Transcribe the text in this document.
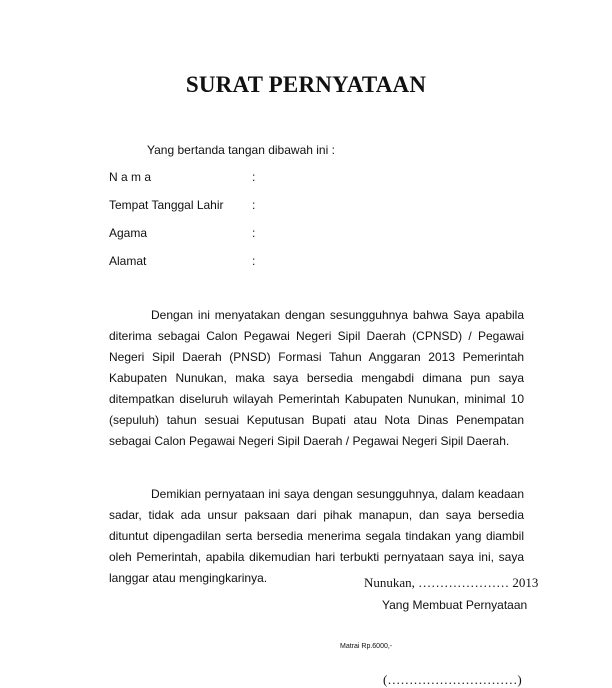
SURAT PERNYATAAN
Yang bertanda tangan dibawah ini :
N a m a	:
Tempat Tanggal Lahir :
Agama	:
Alamat	:

Dengan ini menyatakan dengan sesungguhnya bahwa Saya apabila diterima sebagai Calon Pegawai Negeri Sipil Daerah (CPNSD) / Pegawai Negeri Sipil Daerah (PNSD) Formasi Tahun Anggaran 2013 Pemerintah Kabupaten Nunukan, maka saya bersedia mengabdi dimana pun saya ditempatkan diseluruh wilayah Pemerintah Kabupaten Nunukan, minimal 10 (sepuluh) tahun sesuai Keputusan Bupati atau Nota Dinas Penempatan sebagai Calon Pegawai Negeri Sipil Daerah / Pegawai Negeri Sipil Daerah.

Demikian pernyataan ini saya dengan sesungguhnya, dalam keadaan sadar, tidak ada unsur paksaan dari pihak manapun, dan saya bersedia dituntut dipengadilan serta bersedia menerima segala tindakan yang diambil oleh Pemerintah, apabila dikemudian hari terbukti pernyataan saya ini, saya langgar atau mengingkarinya.	Nunukan, ………………… 2013
Yang Membuat Pernyataan
Matrai Rp.6000,-
(…………………………)
